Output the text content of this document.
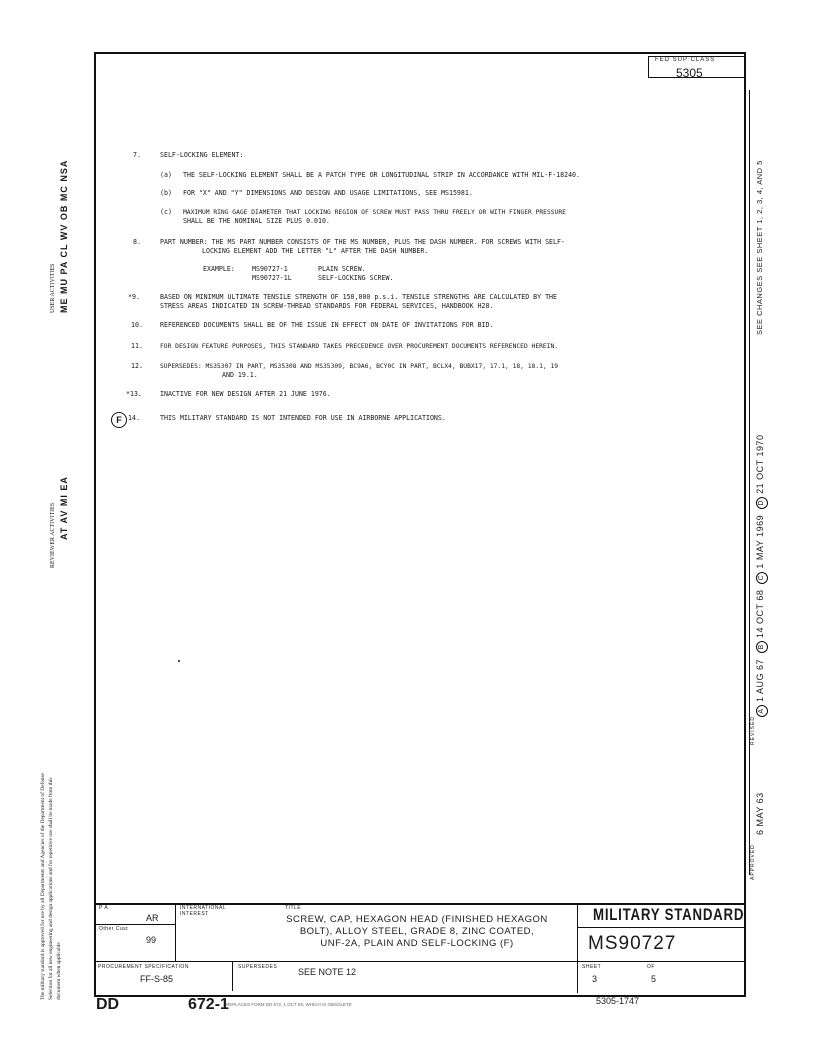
FED SUP CLASS
5305
7.	SELF-LOCKING ELEMENT:
(a) THE SELF-LOCKING ELEMENT SHALL BE A PATCH TYPE OR LONGITUDINAL STRIP IN ACCORDANCE WITH MIL-F-18240.
(b) FOR "X" AND "Y" DIMENSIONS AND DESIGN AND USAGE LIMITATIONS, SEE MS15981.
(c) MAXIMUM RING GAGE DIAMETER THAT LOCKING REGION OF SCREW MUST PASS THRU FREELY OR WITH FINGER PRESSURE
SHALL BE THE NOMINAL SIZE PLUS 0.010.
8.	PART NUMBER: THE MS PART NUMBER CONSISTS OF THE MS NUMBER, PLUS THE DASH NUMBER. FOR SCREWS WITH SELF-
LOCKING ELEMENT ADD THE LETTER "L" AFTER THE DASH NUMBER.
EXAMPLE:	MS90727-1	PLAIN SCREW.
MS90727-1L	SELF-LOCKING SCREW.
*9.	BASED ON MINIMUM ULTIMATE TENSILE STRENGTH OF 150,000 p.s.i. TENSILE STRENGTHS ARE CALCULATED BY THE
STRESS AREAS INDICATED IN SCREW-THREAD STANDARDS FOR FEDERAL SERVICES, HANDBOOK H28.
10.	REFERENCED DOCUMENTS SHALL BE OF THE ISSUE IN EFFECT ON DATE OF INVITATIONS FOR BID.
11.	FOR DESIGN FEATURE PURPOSES, THIS STANDARD TAKES PRECEDENCE OVER PROCUREMENT DOCUMENTS REFERENCED HEREIN.
12.	SUPERSEDES: MS35307 IN PART, MS35308 AND MS35309, BC9A6, BCY0C IN PART, BCLX4, BUBX17, 17.1, 18, 18.1, 19
AND 19.1.
*13.	INACTIVE FOR NEW DESIGN AFTER 21 JUNE 1976.
F 14.	THIS MILITARY STANDARD IS NOT INTENDED FOR USE IN AIRBORNE APPLICATIONS.
USER ACTIVITIES ME MU PA CL WV OB MC NSA
REVIEWER ACTIVITIES AT AV MI EA
The military standard is approved for use by all Departments and Agencies of the Department of Defense Selection for all new engineering and design applications and for repetitive use shall be made from this document when applicable
APPROVED
6 MAY 63
REVISED
A1 AUG 67 B14 OCT 68 C1 MAY 1969 D21 OCT 1970
SEE CHANGES SEE SHEET 1, 2, 3, 4, AND 5
P A
AR
INTERNATIONAL
INTEREST
Other Cust
99
TITLE
SCREW, CAP, HEXAGON HEAD (FINISHED HEXAGON
BOLT), ALLOY STEEL, GRADE 8, ZINC COATED,
UNF-2A, PLAIN AND SELF-LOCKING (F)
MILITARY STANDARD
MS90727
PROCUREMENT SPECIFICATION
FF-S-85
SUPERSEDES SEE NOTE 12	SHEET
3
OF
5
DD	672-1
REPLACES FORM DD 672, 1 OCT 59, WHICH IS OBSOLETE	5305-1747
